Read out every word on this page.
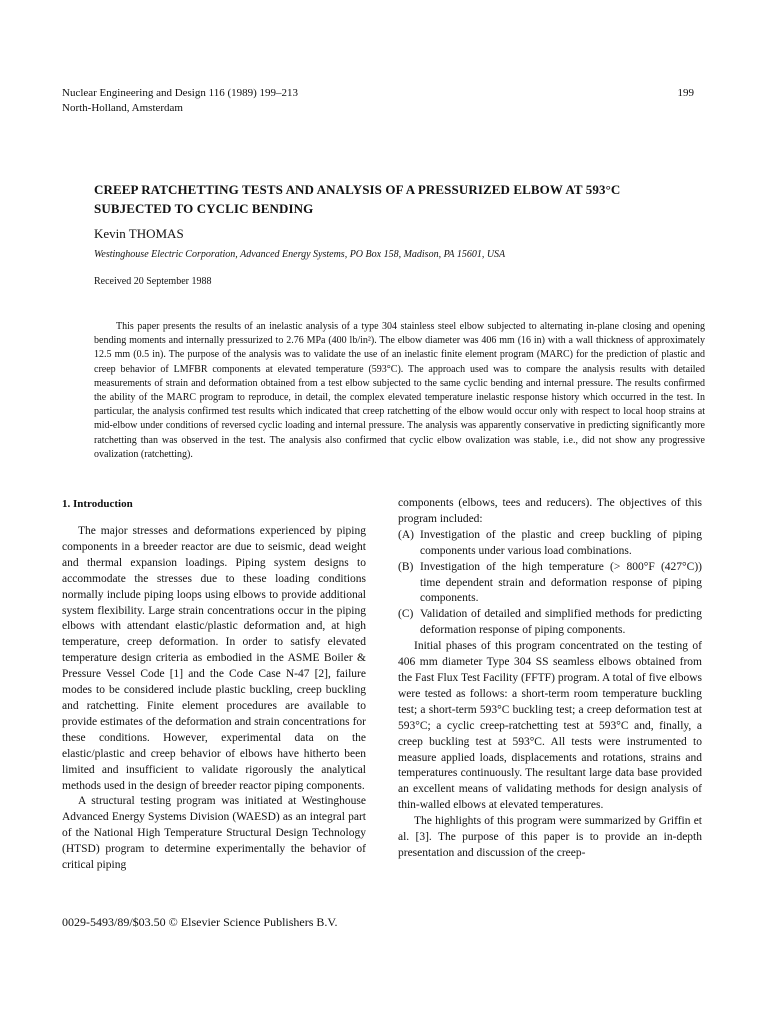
Nuclear Engineering and Design 116 (1989) 199–213
North-Holland, Amsterdam
199
CREEP RATCHETTING TESTS AND ANALYSIS OF A PRESSURIZED ELBOW AT 593°C
SUBJECTED TO CYCLIC BENDING
Kevin THOMAS
Westinghouse Electric Corporation, Advanced Energy Systems, PO Box 158, Madison, PA 15601, USA
Received 20 September 1988
This paper presents the results of an inelastic analysis of a type 304 stainless steel elbow subjected to alternating in-plane closing and opening bending moments and internally pressurized to 2.76 MPa (400 lb/in²). The elbow diameter was 406 mm (16 in) with a wall thickness of approximately 12.5 mm (0.5 in). The purpose of the analysis was to validate the use of an inelastic finite element program (MARC) for the prediction of plastic and creep behavior of LMFBR components at elevated temperature (593°C). The approach used was to compare the analysis results with detailed measurements of strain and deformation obtained from a test elbow subjected to the same cyclic bending and internal pressure. The results confirmed the ability of the MARC program to reproduce, in detail, the complex elevated temperature inelastic response history which occurred in the test. In particular, the analysis confirmed test results which indicated that creep ratchetting of the elbow would occur only with respect to local hoop strains at mid-elbow under conditions of reversed cyclic loading and internal pressure. The analysis was apparently conservative in predicting significantly more ratchetting than was observed in the test. The analysis also confirmed that cyclic elbow ovalization was stable, i.e., did not show any progressive ovalization (ratchetting).
1. Introduction

The major stresses and deformations experienced by piping components in a breeder reactor are due to seismic, dead weight and thermal expansion loadings. Piping system designs to accommodate the stresses due to these loading conditions normally include piping loops using elbows to provide additional system flexibility. Large strain concentrations occur in the piping elbows with attendant elastic/plastic deformation and, at high temperature, creep deformation. In order to satisfy elevated temperature design criteria as embodied in the ASME Boiler & Pressure Vessel Code [1] and the Code Case N-47 [2], failure modes to be considered include plastic buckling, creep buckling and ratchetting. Finite element procedures are available to provide estimates of the deformation and strain concentrations for these conditions. However, experimental data on the elastic/plastic and creep behavior of elbows have hitherto been limited and insufficient to validate rigorously the analytical methods used in the design of breeder reactor piping components.

A structural testing program was initiated at Westinghouse Advanced Energy Systems Division (WAESD) as an integral part of the National High Temperature Structural Design Technology (HTSD) program to determine experimentally the behavior of critical piping

components (elbows, tees and reducers). The objectives of this program included:

(A) Investigation of the plastic and creep buckling of piping components under various load combinations.
(B) Investigation of the high temperature (> 800°F (427°C)) time dependent strain and deformation response of piping components.
(C) Validation of detailed and simplified methods for predicting deformation response of piping components.

Initial phases of this program concentrated on the testing of 406 mm diameter Type 304 SS seamless elbows obtained from the Fast Flux Test Facility (FFTF) program. A total of five elbows were tested as follows: a short-term room temperature buckling test; a short-term 593°C buckling test; a creep deformation test at 593°C; a cyclic creep-ratchetting test at 593°C and, finally, a creep buckling test at 593°C. All tests were instrumented to measure applied loads, displacements and rotations, strains and temperatures continuously. The resultant large data base provided an excellent means of validating methods for design analysis of thin-walled elbows at elevated temperatures.

The highlights of this program were summarized by Griffin et al. [3]. The purpose of this paper is to provide an in-depth presentation and discussion of the creep-

0029-5493/89/$03.50 © Elsevier Science Publishers B.V.
